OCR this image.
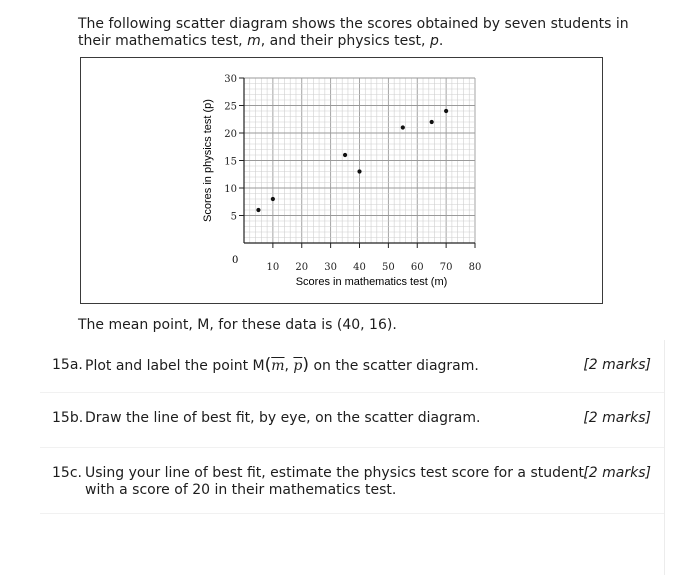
The following scatter diagram shows the scores obtained by seven students in their mathematics test, m, and their physics test, p.

10 20 30 40 50 60 70 80
5
10
15
20
25
30
0
Scores in mathematics test (m)
Scores in physics test (p)

The mean point, M, for these data is (40, 16).

15a. Plot and label the point $M(\overline{m}$, $\overline{p}$) on the scatter diagram.	[2 marks]
15b. Draw the line of best fit, by eye, on the scatter diagram.	[2 marks]
15c. Using your line of best fit, estimate the physics test score for a student with a score of 20 in their mathematics test.
[2 marks]
